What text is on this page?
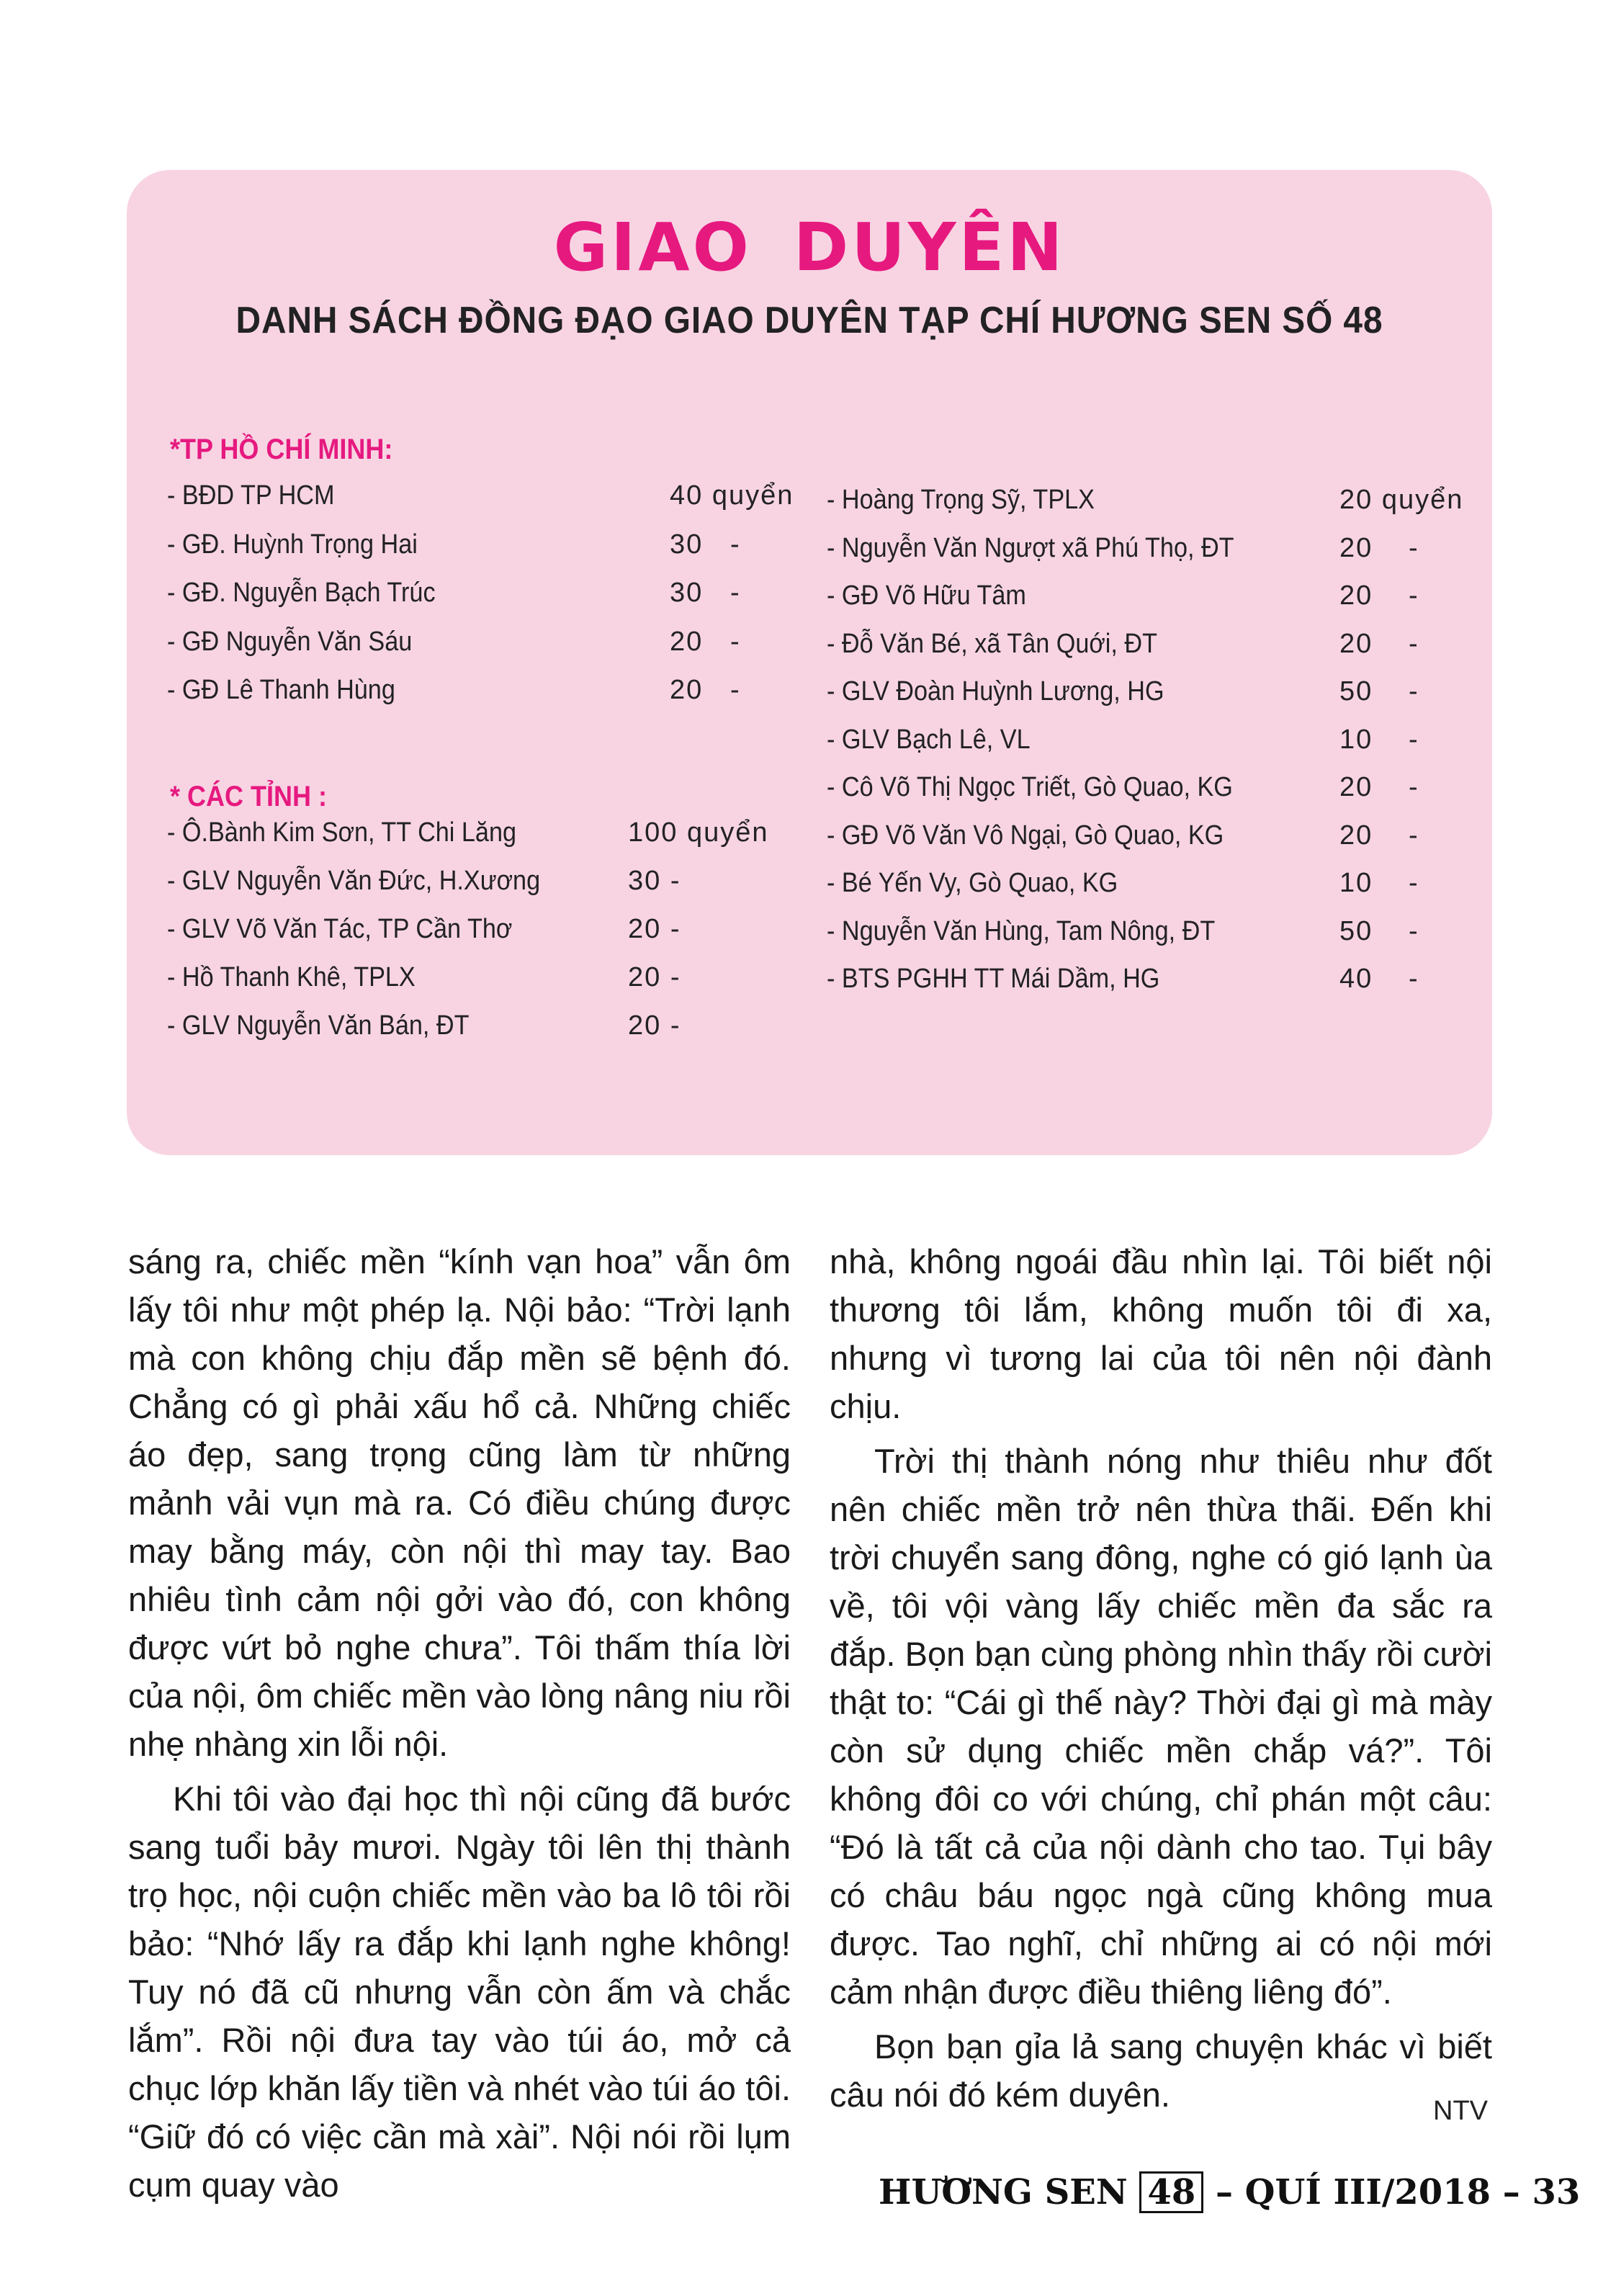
GIAO DUYÊN
DANH SÁCH ĐỒNG ĐẠO GIAO DUYÊN TẠP CHÍ HƯƠNG SEN SỐ 48
*TP HỒ CHÍ MINH:
* CÁC TỈNH :
- BĐD TP HCM	40 quyển
- GĐ. Huỳnh Trọng Hai	30 -
- GĐ. Nguyễn Bạch Trúc	30 -
- GĐ Nguyễn Văn Sáu	20 -
- GĐ Lê Thanh Hùng	20 -
- Ô.Bành Kim Sơn, TT Chi Lăng	100 quyển
- GLV Nguyễn Văn Đức, H.Xương	30 -
- GLV Võ Văn Tác, TP Cần Thơ	20 -
- Hồ Thanh Khê, TPLX	20 -
- GLV Nguyễn Văn Bán, ĐT	20 -
- Hoàng Trọng Sỹ, TPLX	20 quyển
- Nguyễn Văn Ngượt xã Phú Thọ, ĐT	20 -
- GĐ Võ Hữu Tâm	20 -
- Đỗ Văn Bé, xã Tân Quới, ĐT	20 -
- GLV Đoàn Huỳnh Lương, HG	50 -
- GLV Bạch Lê, VL	10 -
- Cô Võ Thị Ngọc Triết, Gò Quao, KG	20 -
- GĐ Võ Văn Vô Ngại, Gò Quao, KG	20 -
- Bé Yến Vy, Gò Quao, KG	10 -
- Nguyễn Văn Hùng, Tam Nông, ĐT	50 -
- BTS PGHH TT Mái Dầm, HG	40 -

sáng ra, chiếc mền “kính vạn hoa” vẫn ôm lấy tôi như một phép lạ. Nội bảo: “Trời lạnh mà con không chịu đắp mền sẽ bệnh đó. Chẳng có gì phải xấu hổ cả. Những chiếc áo đẹp, sang trọng cũng làm từ những mảnh vải vụn mà ra. Có điều chúng được may bằng máy, còn nội thì may tay. Bao nhiêu tình cảm nội gởi vào đó, con không được vứt bỏ nghe chưa”. Tôi thấm thía lời của nội, ôm chiếc mền vào lòng nâng niu rồi nhẹ nhàng xin lỗi nội.

Khi tôi vào đại học thì nội cũng đã bước sang tuổi bảy mươi. Ngày tôi lên thị thành trọ học, nội cuộn chiếc mền vào ba lô tôi rồi bảo: “Nhớ lấy ra đắp khi lạnh nghe không! Tuy nó đã cũ nhưng vẫn còn ấm và chắc lắm”. Rồi nội đưa tay vào túi áo, mở cả chục lớp khăn lấy tiền và nhét vào túi áo tôi. “Giữ đó có việc cần mà xài”. Nội nói rồi lụm cụm quay vào

nhà, không ngoái đầu nhìn lại. Tôi biết nội thương tôi lắm, không muốn tôi đi xa, nhưng vì tương lai của tôi nên nội đành chịu.

Trời thị thành nóng như thiêu như đốt nên chiếc mền trở nên thừa thãi. Đến khi trời chuyển sang đông, nghe có gió lạnh ùa về, tôi vội vàng lấy chiếc mền đa sắc ra đắp. Bọn bạn cùng phòng nhìn thấy rồi cười thật to: “Cái gì thế này? Thời đại gì mà mày còn sử dụng chiếc mền chắp vá?”. Tôi không đôi co với chúng, chỉ phán một câu: “Đó là tất cả của nội dành cho tao. Tụi bây có châu báu ngọc ngà cũng không mua được. Tao nghĩ, chỉ những ai có nội mới cảm nhận được điều thiêng liêng đó”.

Bọn bạn gỉa lả sang chuyện khác vì biết câu nói đó kém duyên.	NTV
HƯƠNG SEN 48 – QUÍ III/2018 – 33
